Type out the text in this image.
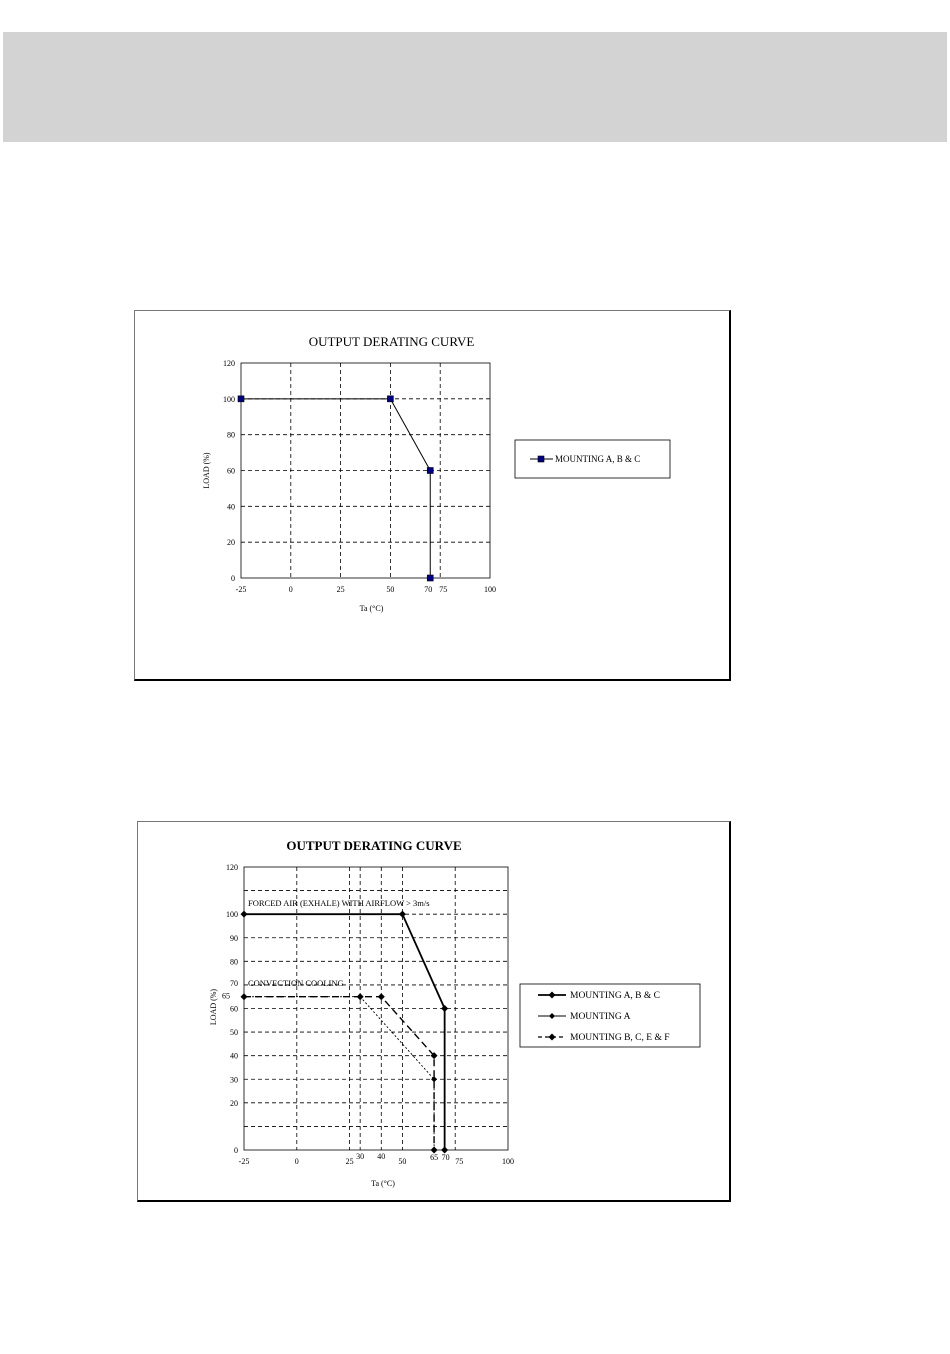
0
20
40
60
80
100
120
-25	0	25	50	70 75	100
OUTPUT DERATING CURVE
Ta (°C)
LOAD (%)	MOUNTING A, B & C
0
20
30
40
50
60
65
70
80
90
100
120
-25	0	25
30 40
50	65 70 75	100
OUTPUT DERATING CURVE
Ta (°C)
LOAD (%)
FORCED AIR (EXHALE) WITH AIRFLOW > 3m/s
CONVECTION COOLING
MOUNTING A, B & C
MOUNTING A
MOUNTING B, C, E & F
